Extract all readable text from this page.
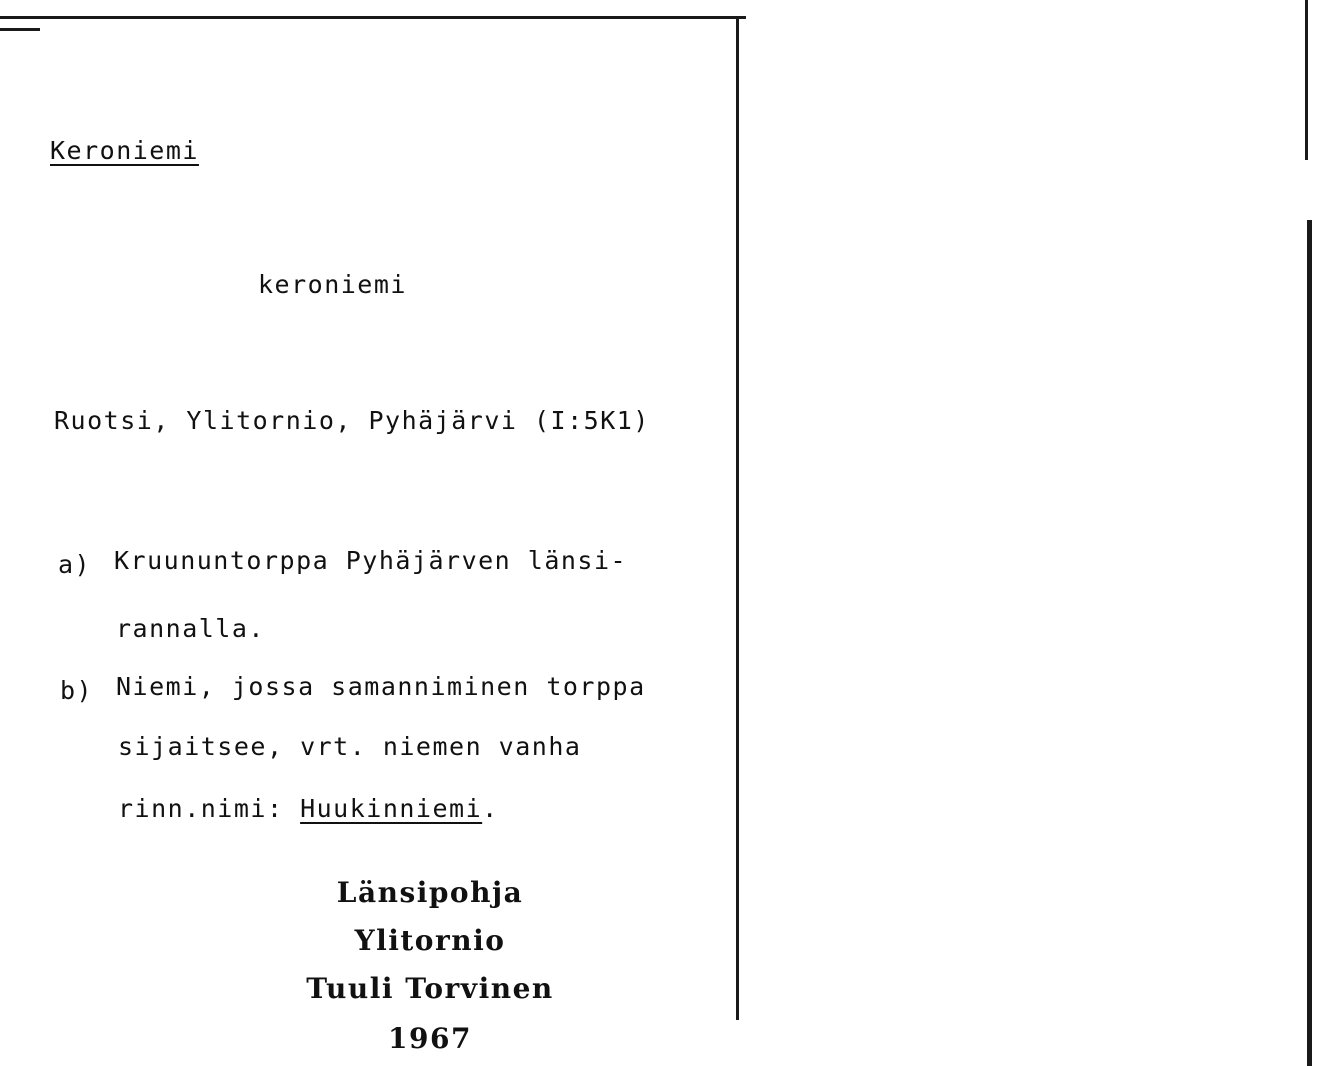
Keroniemi
keroniemi
Ruotsi, Ylitornio, Pyhäjärvi (I:5K1)
a) Kruununtorppa Pyhäjärven länsi-
rannalla.
b) Niemi, jossa samanniminen torppa
sijaitsee, vrt. niemen vanha
rinn.nimi: Huukinniemi.
Länsipohja
Ylitornio
Tuuli Torvinen
1967
